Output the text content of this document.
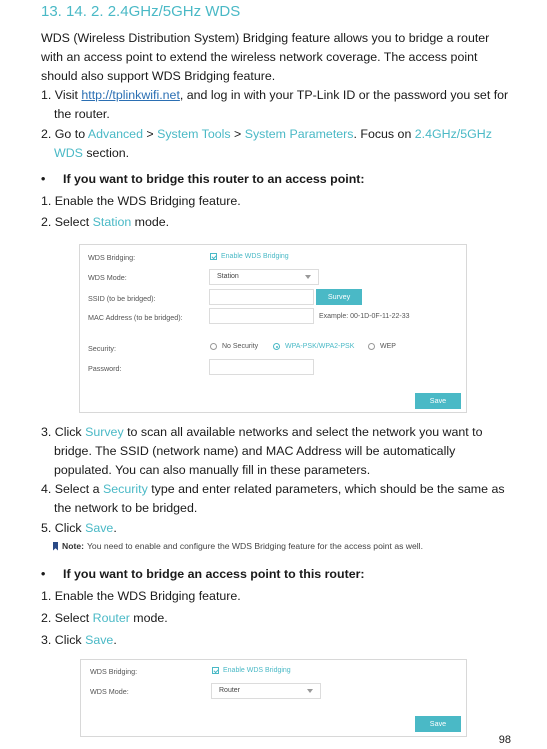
13. 14. 2. 2.4GHz/5GHz WDS
WDS (Wireless Distribution System) Bridging feature allows you to bridge a router with an access point to extend the wireless network coverage. The access point should also support WDS Bridging feature.
1. Visit http://tplinkwifi.net, and log in with your TP-Link ID or the password you set for the router.
2. Go to Advanced > System Tools > System Parameters. Focus on 2.4GHz/5GHz WDS section.
• If you want to bridge this router to an access point:
1. Enable the WDS Bridging feature.
2. Select Station mode.
WDS Bridging:	Enable WDS Bridging
WDS Mode:	Station
SSID (to be bridged):	Survey
MAC Address (to be bridged):	Example: 00-1D-0F-11-22-33
Security:	No Security	WPA-PSK/WPA2-PSK	WEP
Password:
Save
3. Click Survey to scan all available networks and select the network you want to bridge. The SSID (network name) and MAC Address will be automatically populated. You can also manually fill in these parameters.
4. Select a Security type and enter related parameters, which should be the same as the network to be bridged.
5. Click Save.
Note: You need to enable and configure the WDS Bridging feature for the access point as well.
• If you want to bridge an access point to this router:
1. Enable the WDS Bridging feature.
2. Select Router mode.
3. Click Save.
WDS Bridging:	Enable WDS Bridging
WDS Mode:	Router
Save
98
